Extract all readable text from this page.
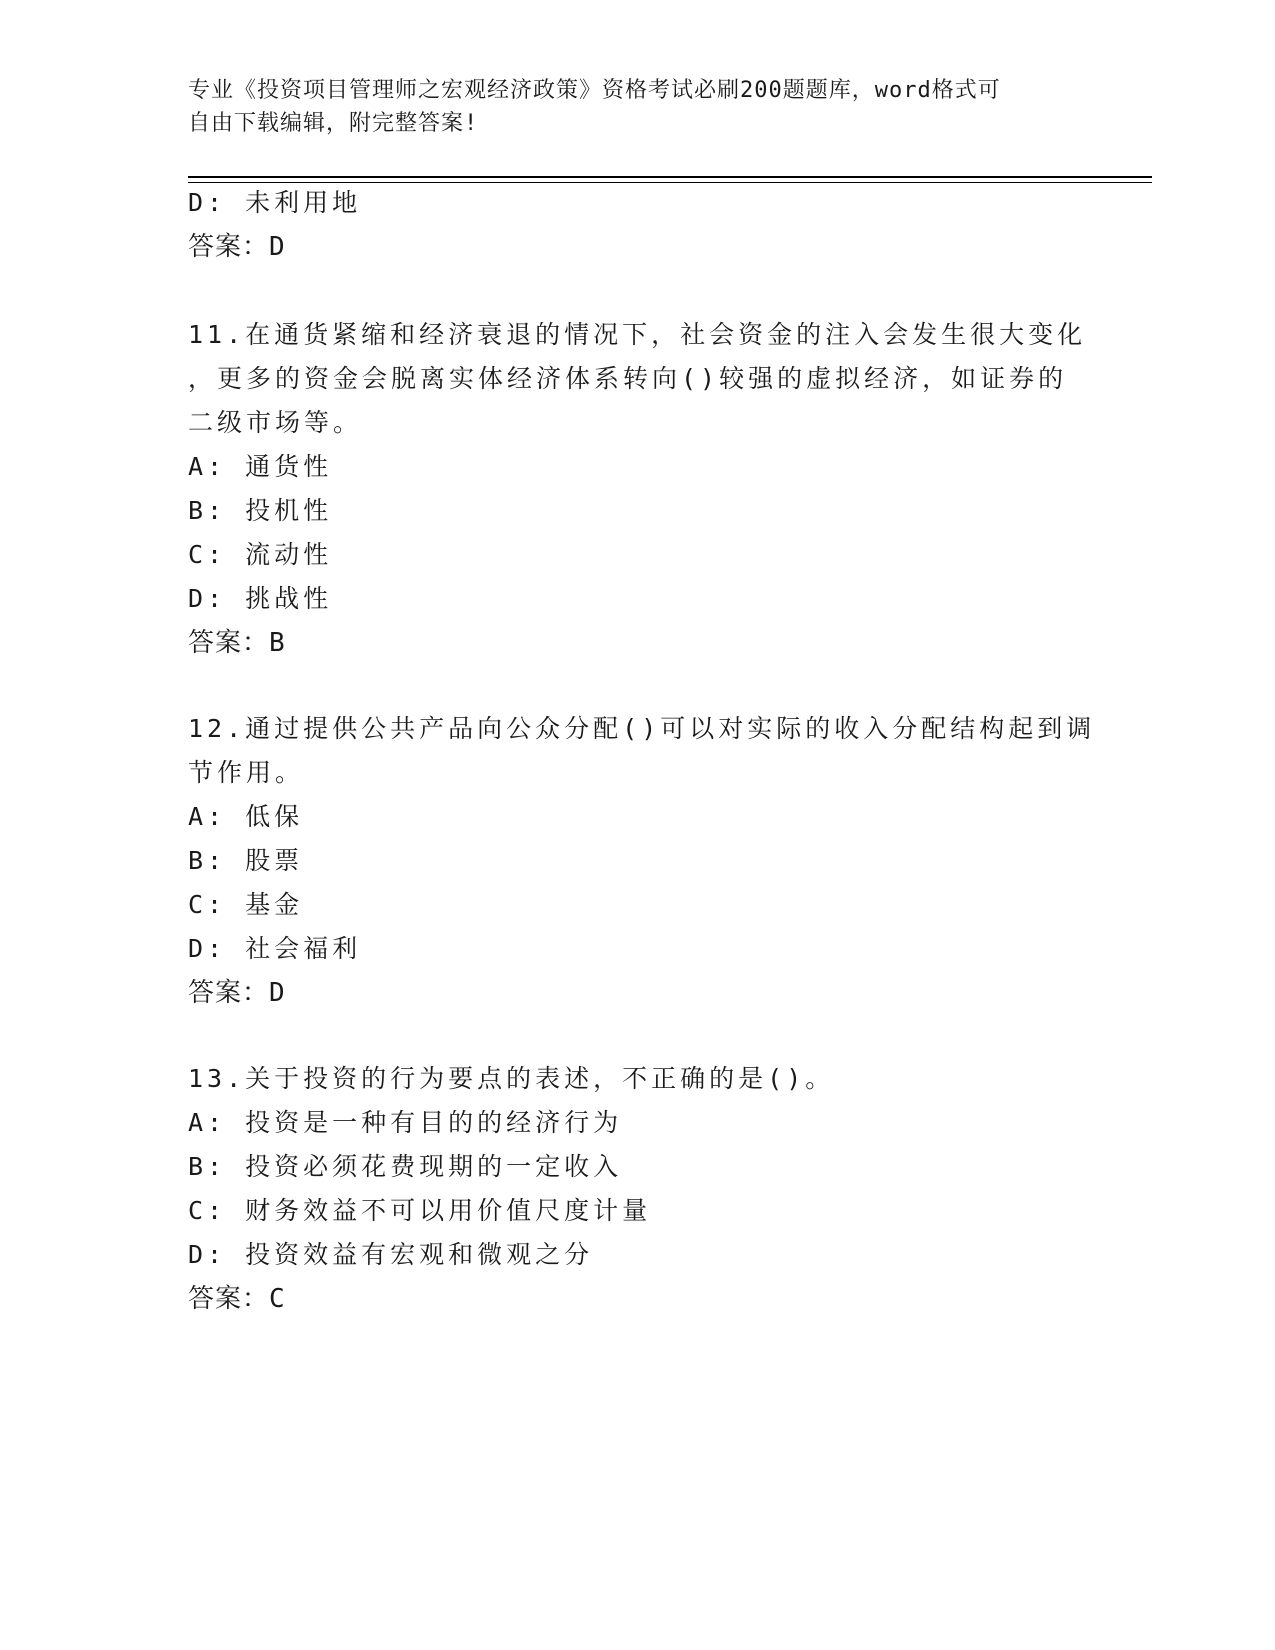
专业《投资项目管理师之宏观经济政策》资格考试必刷200题题库，word格式可
自由下载编辑，附完整答案!
D: 未利用地
答案：D
11.在通货紧缩和经济衰退的情况下，社会资金的注入会发生很大变化
，更多的资金会脱离实体经济体系转向()较强的虚拟经济，如证券的
二级市场等。
A: 通货性
B: 投机性
C: 流动性
D: 挑战性
答案：B
12.通过提供公共产品向公众分配()可以对实际的收入分配结构起到调
节作用。
A: 低保
B: 股票
C: 基金
D: 社会福利
答案：D
13.关于投资的行为要点的表述，不正确的是()。
A: 投资是一种有目的的经济行为
B: 投资必须花费现期的一定收入
C: 财务效益不可以用价值尺度计量
D: 投资效益有宏观和微观之分
答案：C
